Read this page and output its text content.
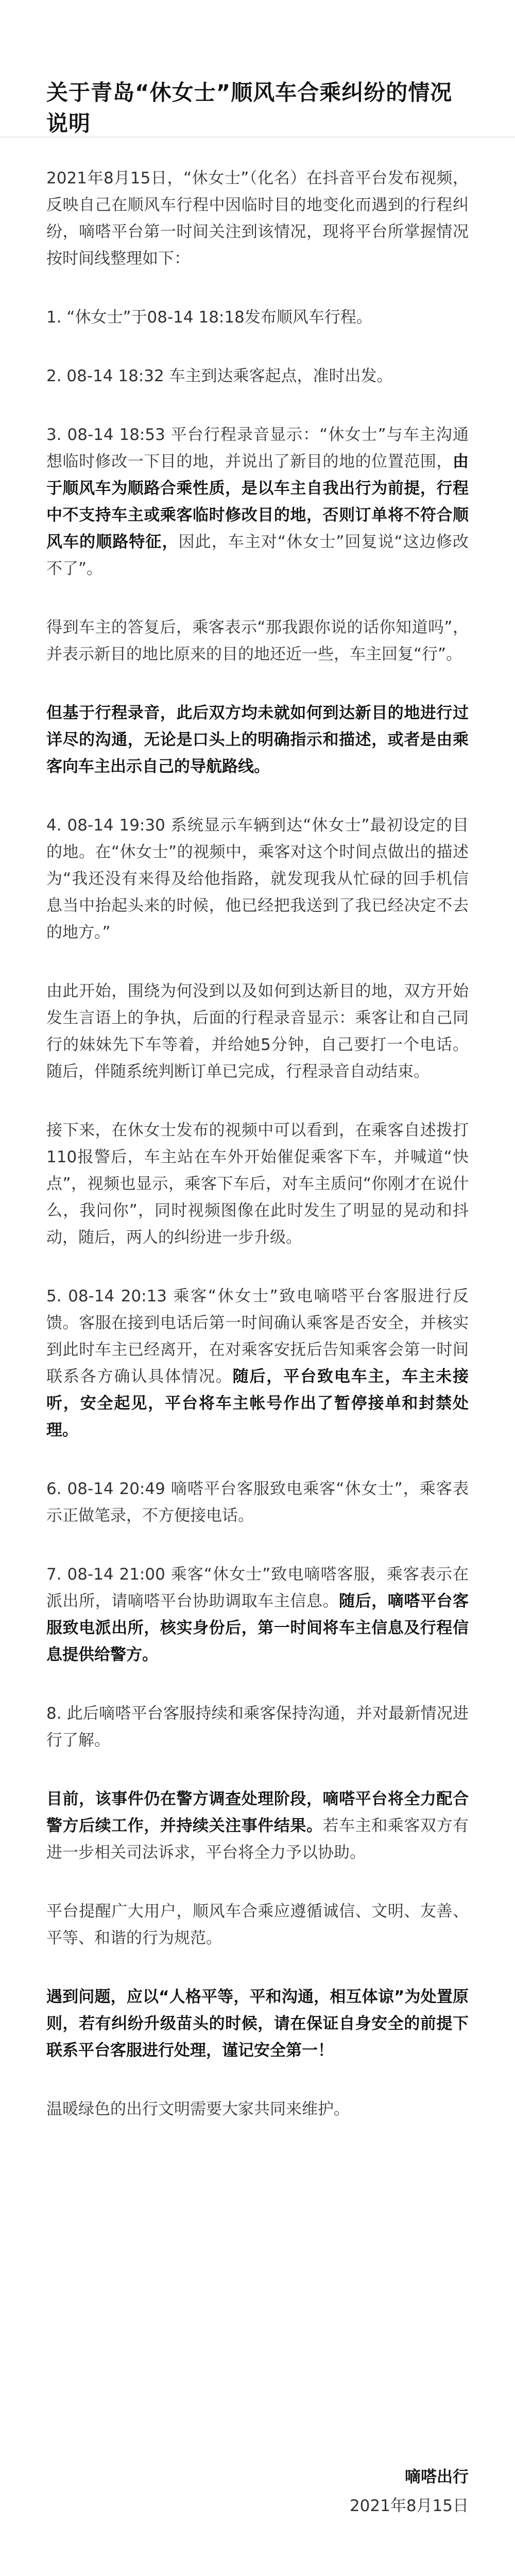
关于青岛“休女士”顺风车合乘纠纷的情况说明

2021年8月15日，“休女士”（化名）在抖音平台发布视频，反映自己在顺风车行程中因临时目的地变化而遇到的行程纠纷，嘀嗒平台第一时间关注到该情况，现将平台所掌握情况按时间线整理如下：

1. “休女士”于08-14 18:18发布顺风车行程。

2. 08-14 18:32 车主到达乘客起点，准时出发。

3. 08-14 18:53 平台行程录音显示：“休女士”与车主沟通想临时修改一下目的地，并说出了新目的地的位置范围，由于顺风车为顺路合乘性质，是以车主自我出行为前提，行程中不支持车主或乘客临时修改目的地，否则订单将不符合顺风车的顺路特征，因此，车主对“休女士”回复说“这边修改不了”。

得到车主的答复后，乘客表示“那我跟你说的话你知道吗”，并表示新目的地比原来的目的地还近一些，车主回复“行”。

但基于行程录音，此后双方均未就如何到达新目的地进行过详尽的沟通，无论是口头上的明确指示和描述，或者是由乘客向车主出示自己的导航路线。

4. 08-14 19:30 系统显示车辆到达“休女士”最初设定的目的地。在“休女士”的视频中，乘客对这个时间点做出的描述为“我还没有来得及给他指路，就发现我从忙碌的回手机信息当中抬起头来的时候，他已经把我送到了我已经决定不去的地方。”

由此开始，围绕为何没到以及如何到达新目的地，双方开始发生言语上的争执，后面的行程录音显示：乘客让和自己同行的妹妹先下车等着，并给她5分钟，自己要打一个电话。随后，伴随系统判断订单已完成，行程录音自动结束。

接下来，在休女士发布的视频中可以看到，在乘客自述拨打110报警后，车主站在车外开始催促乘客下车，并喊道“快点”，视频也显示，乘客下车后，对车主质问“你刚才在说什么，我问你”，同时视频图像在此时发生了明显的晃动和抖动，随后，两人的纠纷进一步升级。

5. 08-14 20:13 乘客“休女士”致电嘀嗒平台客服进行反馈。客服在接到电话后第一时间确认乘客是否安全，并核实到此时车主已经离开，在对乘客安抚后告知乘客会第一时间联系各方确认具体情况。随后，平台致电车主，车主未接听，安全起见，平台将车主帐号作出了暂停接单和封禁处理。

6. 08-14 20:49 嘀嗒平台客服致电乘客“休女士”，乘客表示正做笔录，不方便接电话。

7. 08-14 21:00 乘客“休女士”致电嘀嗒客服，乘客表示在派出所，请嘀嗒平台协助调取车主信息。随后，嘀嗒平台客服致电派出所，核实身份后，第一时间将车主信息及行程信息提供给警方。

8. 此后嘀嗒平台客服持续和乘客保持沟通，并对最新情况进行了解。

目前，该事件仍在警方调查处理阶段，嘀嗒平台将全力配合警方后续工作，并持续关注事件结果。若车主和乘客双方有进一步相关司法诉求，平台将全力予以协助。

平台提醒广大用户，顺风车合乘应遵循诚信、文明、友善、平等、和谐的行为规范。

遇到问题，应以“人格平等，平和沟通，相互体谅”为处置原则，若有纠纷升级苗头的时候，请在保证自身安全的前提下联系平台客服进行处理，谨记安全第一！

温暖绿色的出行文明需要大家共同来维护。

嘀嗒出行
2021年8月15日
